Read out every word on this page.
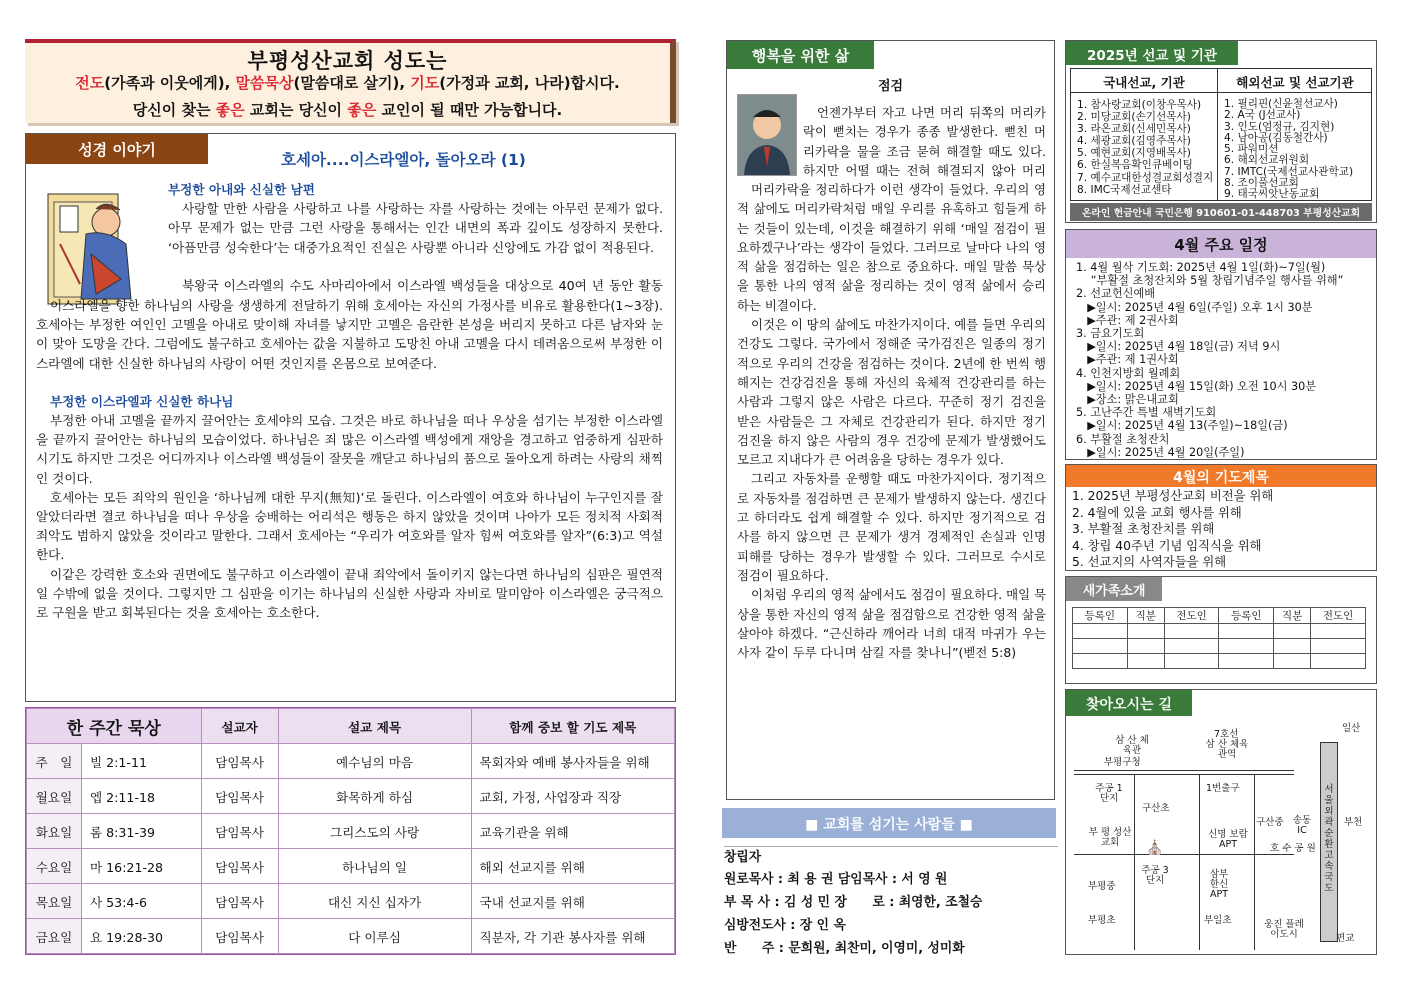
부평성산교회 성도는
전도(가족과 이웃에게), 말씀묵상(말씀대로 살기), 기도(가정과 교회, 나라)합시다.
당신이 찾는 좋은 교회는 당신이 좋은 교인이 될 때만 가능합니다.
성경 이야기
호세아....이스라엘아, 돌아오라 (1)
부정한 아내와 신실한 남편
사랑할 만한 사람을 사랑하고 나를 사랑하는 자를 사랑하는 것에는 아무런 문제가 없다. 아무 문제가 없는 만큼 그런 사랑을 통해서는 인간 내면의 폭과 깊이도 성장하지 못한다. ‘아픔만큼 성숙한다’는 대중가요적인 진실은 사랑뿐 아니라 신앙에도 가감 없이 적용된다.
북왕국 이스라엘의 수도 사마리아에서 이스라엘 백성들을 대상으로 40여 년 동안 활동
이스라엘을 향한 하나님의 사랑을 생생하게 전달하기 위해 호세아는 자신의 가정사를 비유로 활용한다(1~3장). 호세아는 부정한 여인인 고멜을 아내로 맞이해 자녀를 낳지만 고멜은 음란한 본성을 버리지 못하고 다른 남자와 눈이 맞아 도망을 간다. 그럼에도 불구하고 호세아는 값을 지불하고 도망친 아내 고멜을 다시 데려옴으로써 부정한 이스라엘에 대한 신실한 하나님의 사랑이 어떤 것인지를 온몸으로 보여준다.
부정한 이스라엘과 신실한 하나님
부정한 아내 고멜을 끝까지 끌어안는 호세야의 모습. 그것은 바로 하나님을 떠나 우상을 섬기는 부정한 이스라엘을 끝까지 끌어안는 하나님의 모습이었다. 하나님은 죄 많은 이스라엘 백성에게 재앙을 경고하고 엄중하게 심판하시기도 하지만 그것은 어디까지나 이스라엘 백성들이 잘못을 깨닫고 하나님의 품으로 돌아오게 하려는 사랑의 채찍인 것이다.
호세아는 모든 죄악의 원인을 ‘하나님께 대한 무지(無知)’로 돌린다. 이스라엘이 여호와 하나님이 누구인지를 잘 알았더라면 결코 하나님을 떠나 우상을 숭배하는 어리석은 행동은 하지 않았을 것이며 나아가 모든 정치적 사회적 죄악도 범하지 않았을 것이라고 말한다. 그래서 호세아는 “우리가 여호와를 알자 힘써 여호와를 알자”(6:3)고 역설한다.
이같은 강력한 호소와 권면에도 불구하고 이스라엘이 끝내 죄악에서 돌이키지 않는다면 하나님의 심판은 필연적일 수밖에 없을 것이다. 그렇지만 그 심판을 이기는 하나님의 신실한 사랑과 자비로 말미암아 이스라엘은 궁극적으로 구원을 받고 회복된다는 것을 호세아는 호소한다.
한 주간 묵상		설교자	설교 제목	함께 중보 할 기도 제목
주　일	빌 2:1-11	담임목사	예수님의 마음	목회자와 예배 봉사자들을 위해
월요일	엡 2:11-18	담임목사	화목하게 하심	교회, 가정, 사업장과 직장
화요일	롬 8:31-39	담임목사	그리스도의 사랑	교육기관을 위해
수요일	마 16:21-28	담임목사	하나님의 일	해외 선교지를 위해
목요일	사 53:4-6	담임목사	대신 지신 십자가	국내 선교지를 위해
금요일	요 19:28-30	담임목사	다 이루심	직분자, 각 기관 봉사자를 위해
행복을 위한 삶
점검
언젠가부터 자고 나면 머리 뒤쪽의 머리카락이 뻗치는 경우가 종종 발생한다. 뻗친 머리카락을 물을 조금 묻혀 해결할 때도 있다. 하지만 어떨 때는 전혀 해결되지 않아 머리
머리카락을 정리하다가 이런 생각이 들었다. 우리의 영적 삶에도 머리카락처럼 매일 우리를 유혹하고 힘들게 하는 것들이 있는데, 이것을 해결하기 위해 ‘매일 점검이 필요하겠구나’라는 생각이 들었다. 그러므로 날마다 나의 영적 삶을 점검하는 일은 참으로 중요하다. 매일 말씀 묵상을 통한 나의 영적 삶을 정리하는 것이 영적 삶에서 승리하는 비결이다.
이것은 이 땅의 삶에도 마찬가지이다. 예를 들면 우리의 건강도 그렇다. 국가에서 정해준 국가검진은 일종의 정기적으로 우리의 건강을 점검하는 것이다. 2년에 한 번씩 행해지는 건강검진을 통해 자신의 육체적 건강관리를 하는 사람과 그렇지 않은 사람은 다르다. 꾸준히 정기 검진을 받은 사람들은 그 자체로 건강관리가 된다. 하지만 정기 검진을 하지 않은 사람의 경우 건강에 문제가 발생했어도 모르고 지내다가 큰 어려움을 당하는 경우가 있다.
그리고 자동차를 운행할 때도 마찬가지이다. 정기적으로 자동차를 점검하면 큰 문제가 발생하지 않는다. 생긴다고 하더라도 쉽게 해결할 수 있다. 하지만 정기적으로 검사를 하지 않으면 큰 문제가 생겨 경제적인 손실과 인명 피해를 당하는 경우가 발생할 수 있다. 그러므로 수시로 점검이 필요하다.
이처럼 우리의 영적 삶에서도 점검이 필요하다. 매일 묵상을 통한 자신의 영적 삶을 점검함으로 건강한 영적 삶을 살아야 하겠다. “근신하라 깨어라 너희 대적 마귀가 우는 사자 같이 두루 다니며 삼킬 자를 찾나니”(벧전 5:8)
■ 교회를 섬기는 사람들 ■
창립자
원로목사 : 최 용 권 담임목사 : 서 영 원
부 목 사 : 김 성 민 장　　로 : 최영한, 조철승
심방전도사 : 장 인 옥
반　　주 : 문희원, 최찬미, 이영미, 성미화
2025년 선교 및 기관
국내선교, 기관	해외선교 및 선교기관
1. 참사랑교회(이창우목사)
2. 미당교회(손기선목사)
3. 라온교회(신세민목사)
4. 세광교회(김영주목사)
5. 예현교회(지영배목사)
6. 한실복음확인큐베이팅
7. 예수교대한성결교회성결지
8. IMC국제선교센타
1. 필리핀(신윤철선교사)
2. A국 (J선교사)
3. 인도(엄정규, 김지현)
4. 남아공(김동철간사)
5. 파워미션
6. 해외선교위원회
7. IMTC(국제선교사관학교)
8. 조이풀선교회
9. 태국씨앗난동교회
온라인 헌금안내 국민은행 910601-01-448703 부평성산교회
4월 주요 일정
1. 4월 월삭 기도회: 2025년 4월 1일(화)~7일(월)
　 “부활절 초청잔치와 5월 창립기념주일 행사를 위해”
2. 선교헌신예배
　▶일시: 2025년 4월 6일(주일) 오후 1시 30분
　▶주관: 제 2권사회
3. 금요기도회
　▶일시: 2025년 4월 18일(금) 저녁 9시
　▶주관: 제 1권사회
4. 인천지방회 월례회
　▶일시: 2025년 4월 15일(화) 오전 10시 30분
　▶장소: 맑은내교회
5. 고난주간 특별 새벽기도회
　▶일시: 2025년 4월 13(주일)~18일(금)
6. 부활절 초청잔치
　▶일시: 2025년 4월 20일(주일)
4월의 기도제목
1. 2025년 부평성산교회 비전을 위해
2. 4월에 있을 교회 행사를 위해
3. 부활절 초청잔치를 위해
4. 창립 40주년 기념 임직식을 위해
5. 선교지의 사역자들을 위해
새가족소개
등록인	직분	전도인	등록인	직분	전도인

찾아오시는 길
서울외곽순환고속국도
일산
부천
편교
부평구청
7호선
삼 산 체육관
삼 산 체육관역
송동 IC
주공 1단지
구산초
1번출구
신명 보람 APT
구산중
부 평 성산교회
호 수 공 원
주공 3단지
부평중
삼부 한신APT
부평초	부일초	웅진 플레이도시
⛪
